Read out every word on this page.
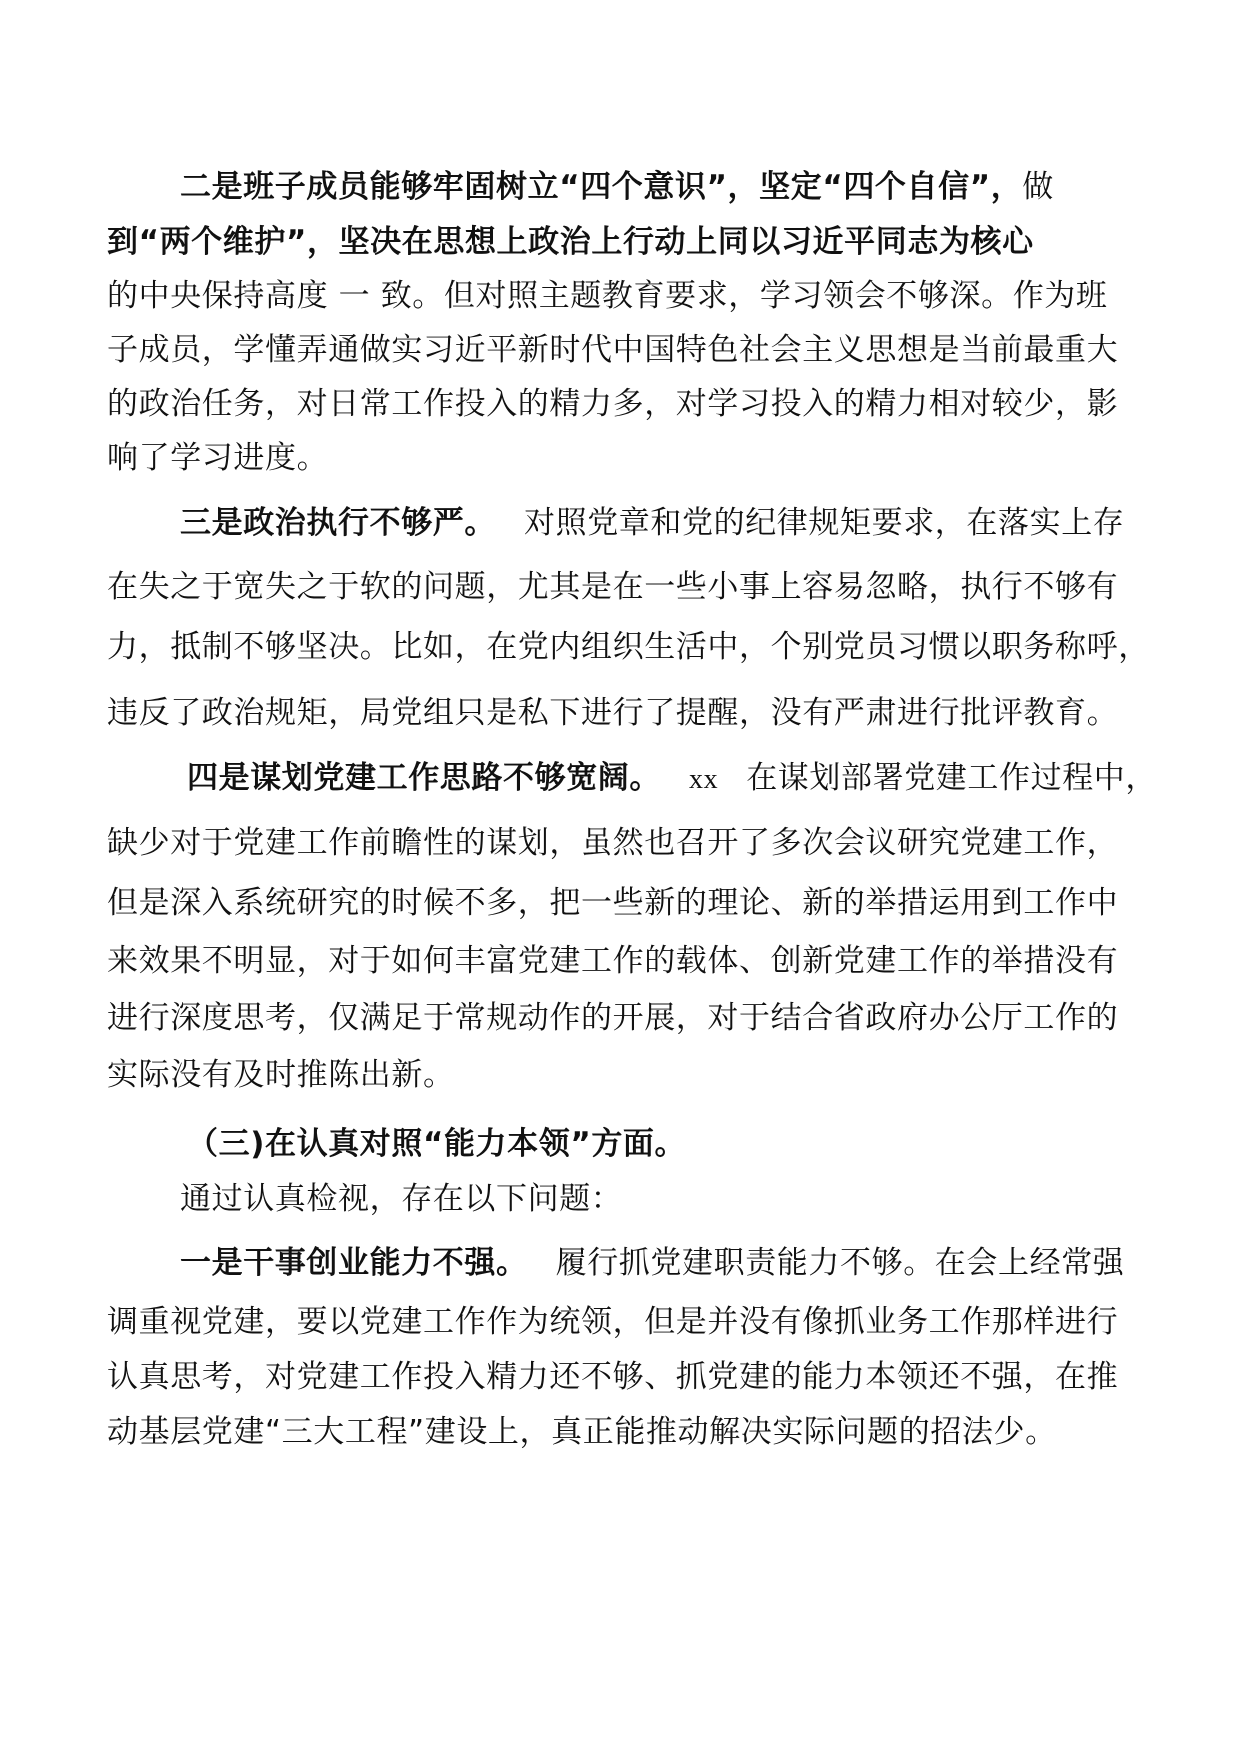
二是班子成员能够牢固树立“四个意识”，坚定“四个自信”，做

到“两个维护”，坚决在思想上政治上行动上同以习近平同志为核心

的中央保持高度 一 致。但对照主题教育要求，学习领会不够深。作为班

子成员，学懂弄通做实习近平新时代中国特色社会主义思想是当前最重大

的政治任务，对日常工作投入的精力多，对学习投入的精力相对较少，影

响了学习进度。

三是政治执行不够严。 对照党章和党的纪律规矩要求，在落实上存

在失之于宽失之于软的问题，尤其是在一些小事上容易忽略，执行不够有

力，抵制不够坚决。比如，在党内组织生活中，个别党员习惯以职务称呼，

违反了政治规矩，局党组只是私下进行了提醒，没有严肃进行批评教育。

四是谋划党建工作思路不够宽阔。 xx 在谋划部署党建工作过程中，

缺少对于党建工作前瞻性的谋划，虽然也召开了多次会议研究党建工作，

但是深入系统研究的时候不多，把一些新的理论、新的举措运用到工作中

来效果不明显，对于如何丰富党建工作的载体、创新党建工作的举措没有

进行深度思考，仅满足于常规动作的开展，对于结合省政府办公厅工作的

实际没有及时推陈出新。

（三)在认真对照“能力本领”方面。

通过认真检视，存在以下问题：

一是干事创业能力不强。 履行抓党建职责能力不够。在会上经常强

调重视党建，要以党建工作作为统领，但是并没有像抓业务工作那样进行

认真思考，对党建工作投入精力还不够、抓党建的能力本领还不强，在推

动基层党建“三大工程”建设上，真正能推动解决实际问题的招法少。
